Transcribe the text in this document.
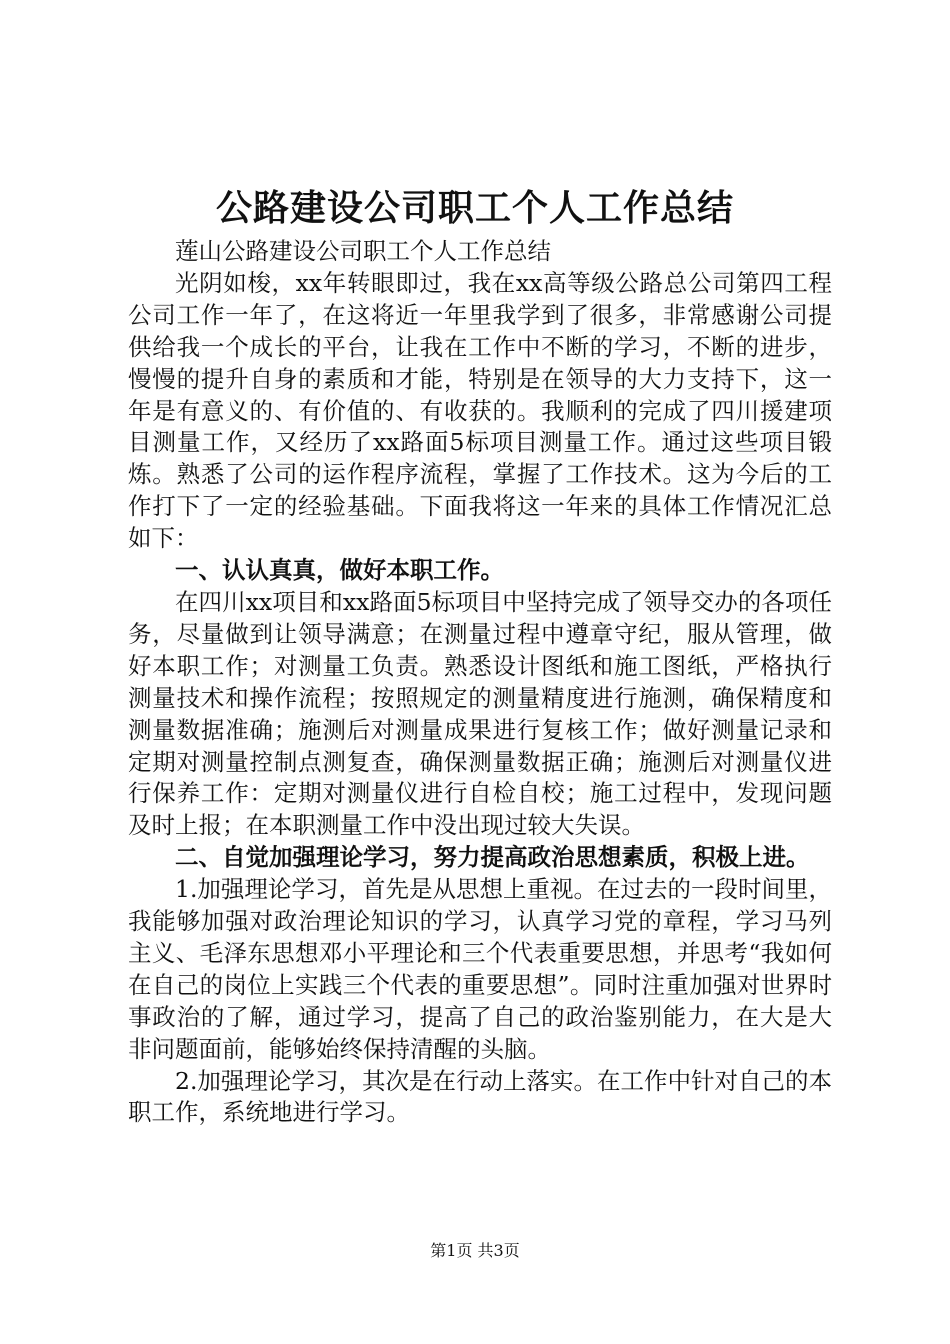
公路建设公司职工个人工作总结

莲山公路建设公司职工个人工作总结

光阴如梭，xx年转眼即过，我在xx高等级公路总公司第四工程公司工作一年了，在这将近一年里我学到了很多，非常感谢公司提供给我一个成长的平台，让我在工作中不断的学习，不断的进步，慢慢的提升自身的素质和才能，特别是在领导的大力支持下，这一年是有意义的、有价值的、有收获的。我顺利的完成了四川援建项目测量工作，又经历了xx路面5标项目测量工作。通过这些项目锻炼。熟悉了公司的运作程序流程，掌握了工作技术。这为今后的工作打下了一定的经验基础。下面我将这一年来的具体工作情况汇总如下：

一、认认真真，做好本职工作。

在四川xx项目和xx路面5标项目中坚持完成了领导交办的各项任务，尽量做到让领导满意；在测量过程中遵章守纪，服从管理，做好本职工作；对测量工负责。熟悉设计图纸和施工图纸，严格执行测量技术和操作流程；按照规定的测量精度进行施测，确保精度和测量数据准确；施测后对测量成果进行复核工作；做好测量记录和定期对测量控制点测复查，确保测量数据正确；施测后对测量仪进行保养工作：定期对测量仪进行自检自校；施工过程中，发现问题及时上报；在本职测量工作中没出现过较大失误。

二、自觉加强理论学习，努力提高政治思想素质，积极上进。

1.加强理论学习，首先是从思想上重视。在过去的一段时间里，我能够加强对政治理论知识的学习，认真学习党的章程，学习马列主义、毛泽东思想邓小平理论和三个代表重要思想，并思考“我如何在自己的岗位上实践三个代表的重要思想”。同时注重加强对世界时事政治的了解，通过学习，提高了自己的政治鉴别能力，在大是大非问题面前，能够始终保持清醒的头脑。

2.加强理论学习，其次是在行动上落实。在工作中针对自己的本职工作，系统地进行学习。

第1页 共3页
